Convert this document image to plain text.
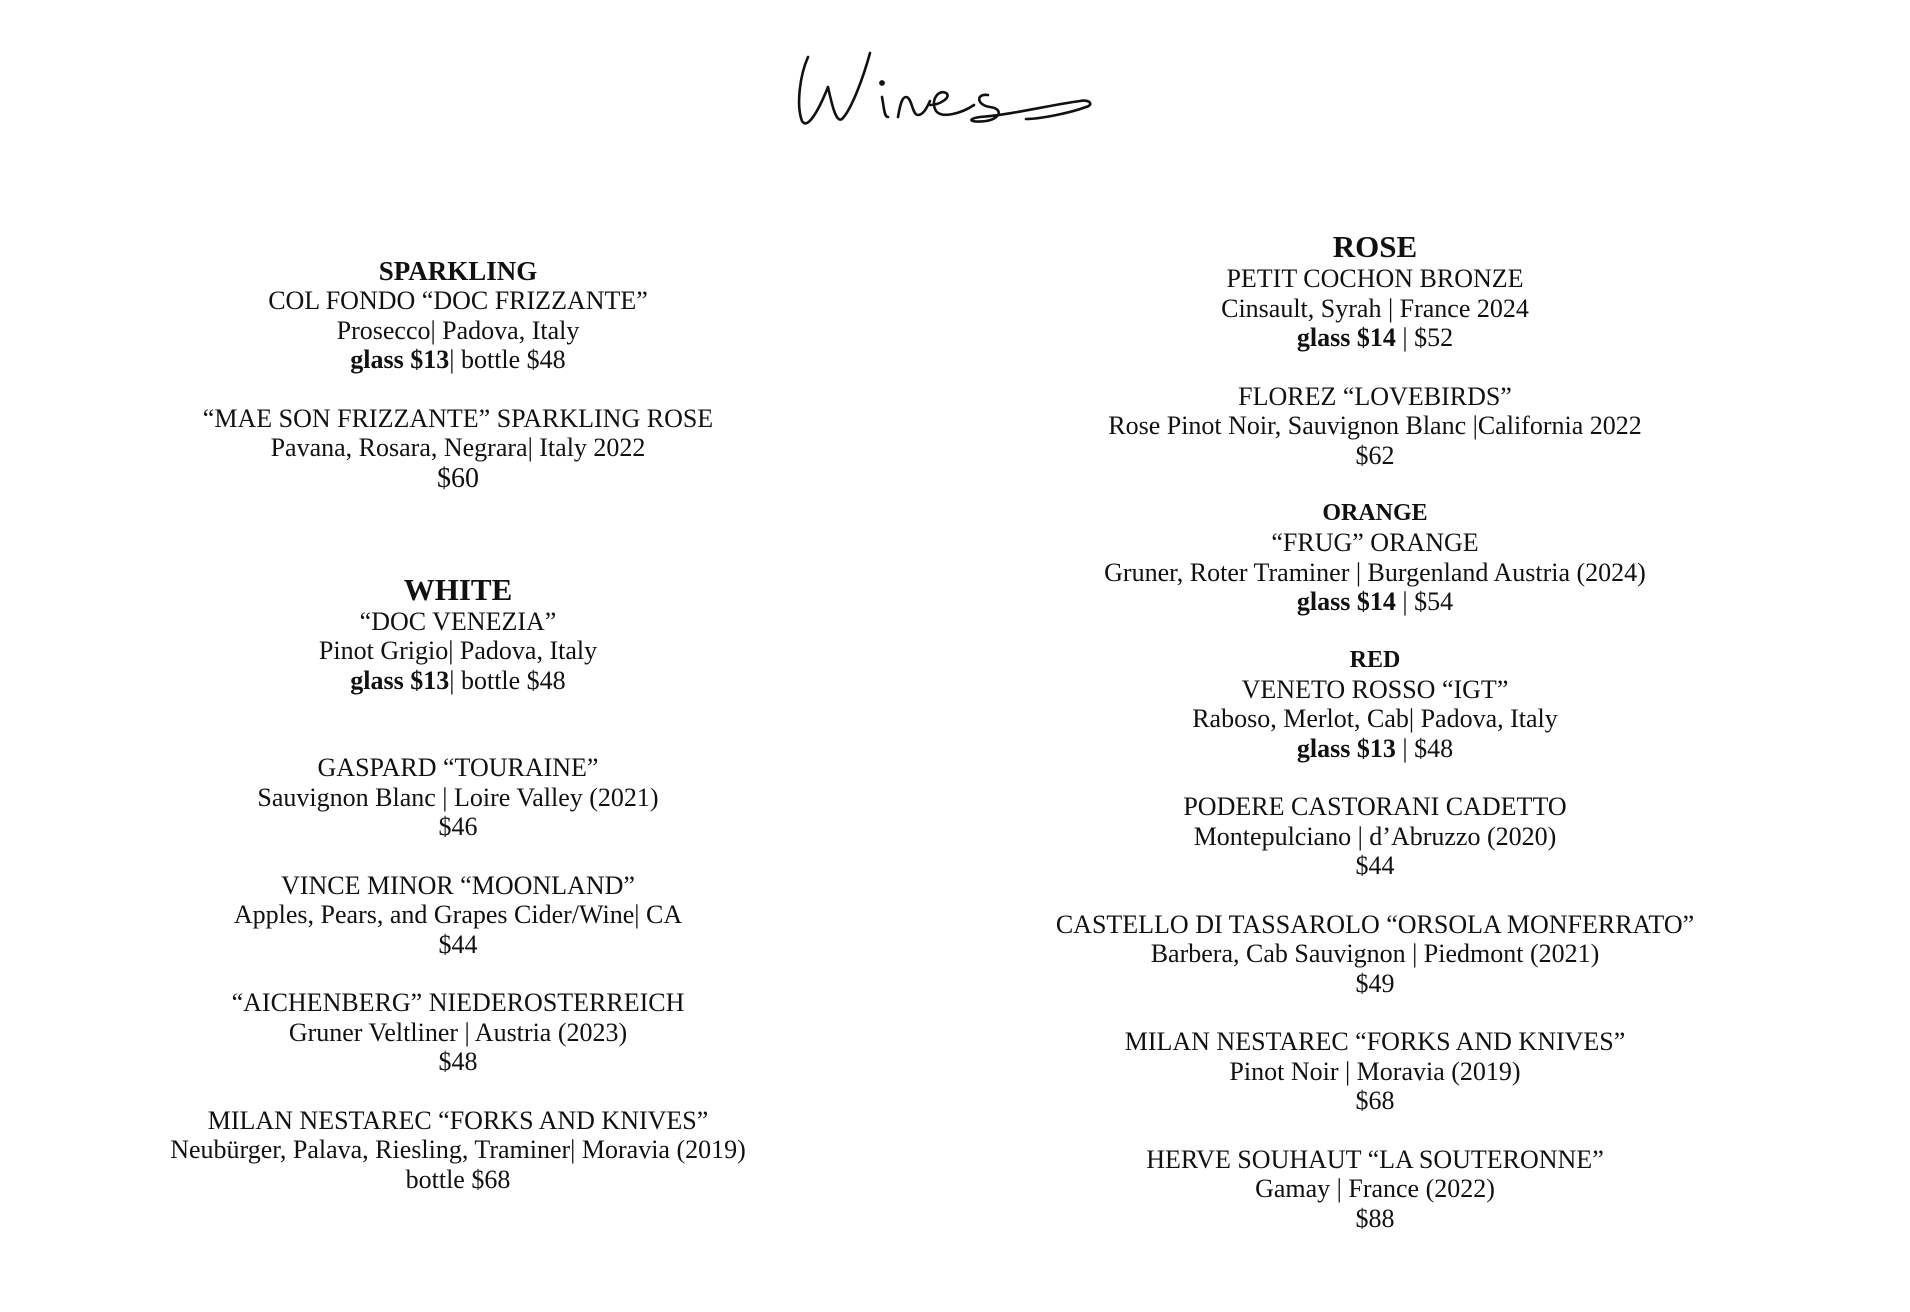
SPARKLING
COL FONDO “DOC FRIZZANTE”
Prosecco| Padova, Italy
glass $13| bottle $48
“MAE SON FRIZZANTE” SPARKLING ROSE
Pavana, Rosara, Negrara| Italy 2022
$60
WHITE
“DOC VENEZIA”
Pinot Grigio| Padova, Italy
glass $13| bottle $48
GASPARD “TOURAINE”
Sauvignon Blanc | Loire Valley (2021)
$46
VINCE MINOR “MOONLAND”
Apples, Pears, and Grapes Cider/Wine| CA
$44
“AICHENBERG” NIEDEROSTERREICH
Gruner Veltliner | Austria (2023)
$48
MILAN NESTAREC “FORKS AND KNIVES”
Neubürger, Palava, Riesling, Traminer| Moravia (2019)
bottle $68
ROSE
PETIT COCHON BRONZE
Cinsault, Syrah | France 2024
glass $14 | $52
FLOREZ “LOVEBIRDS”
Rose Pinot Noir, Sauvignon Blanc |California 2022
$62
ORANGE
“FRUG” ORANGE
Gruner, Roter Traminer | Burgenland Austria (2024)
glass $14 | $54
RED
VENETO ROSSO “IGT”
Raboso, Merlot, Cab| Padova, Italy
glass $13 | $48
PODERE CASTORANI CADETTO
Montepulciano | d’Abruzzo (2020)
$44
CASTELLO DI TASSAROLO “ORSOLA MONFERRATO”
Barbera, Cab Sauvignon | Piedmont (2021)
$49
MILAN NESTAREC “FORKS AND KNIVES”
Pinot Noir | Moravia (2019)
$68
HERVE SOUHAUT “LA SOUTERONNE”
Gamay | France (2022)
$88
